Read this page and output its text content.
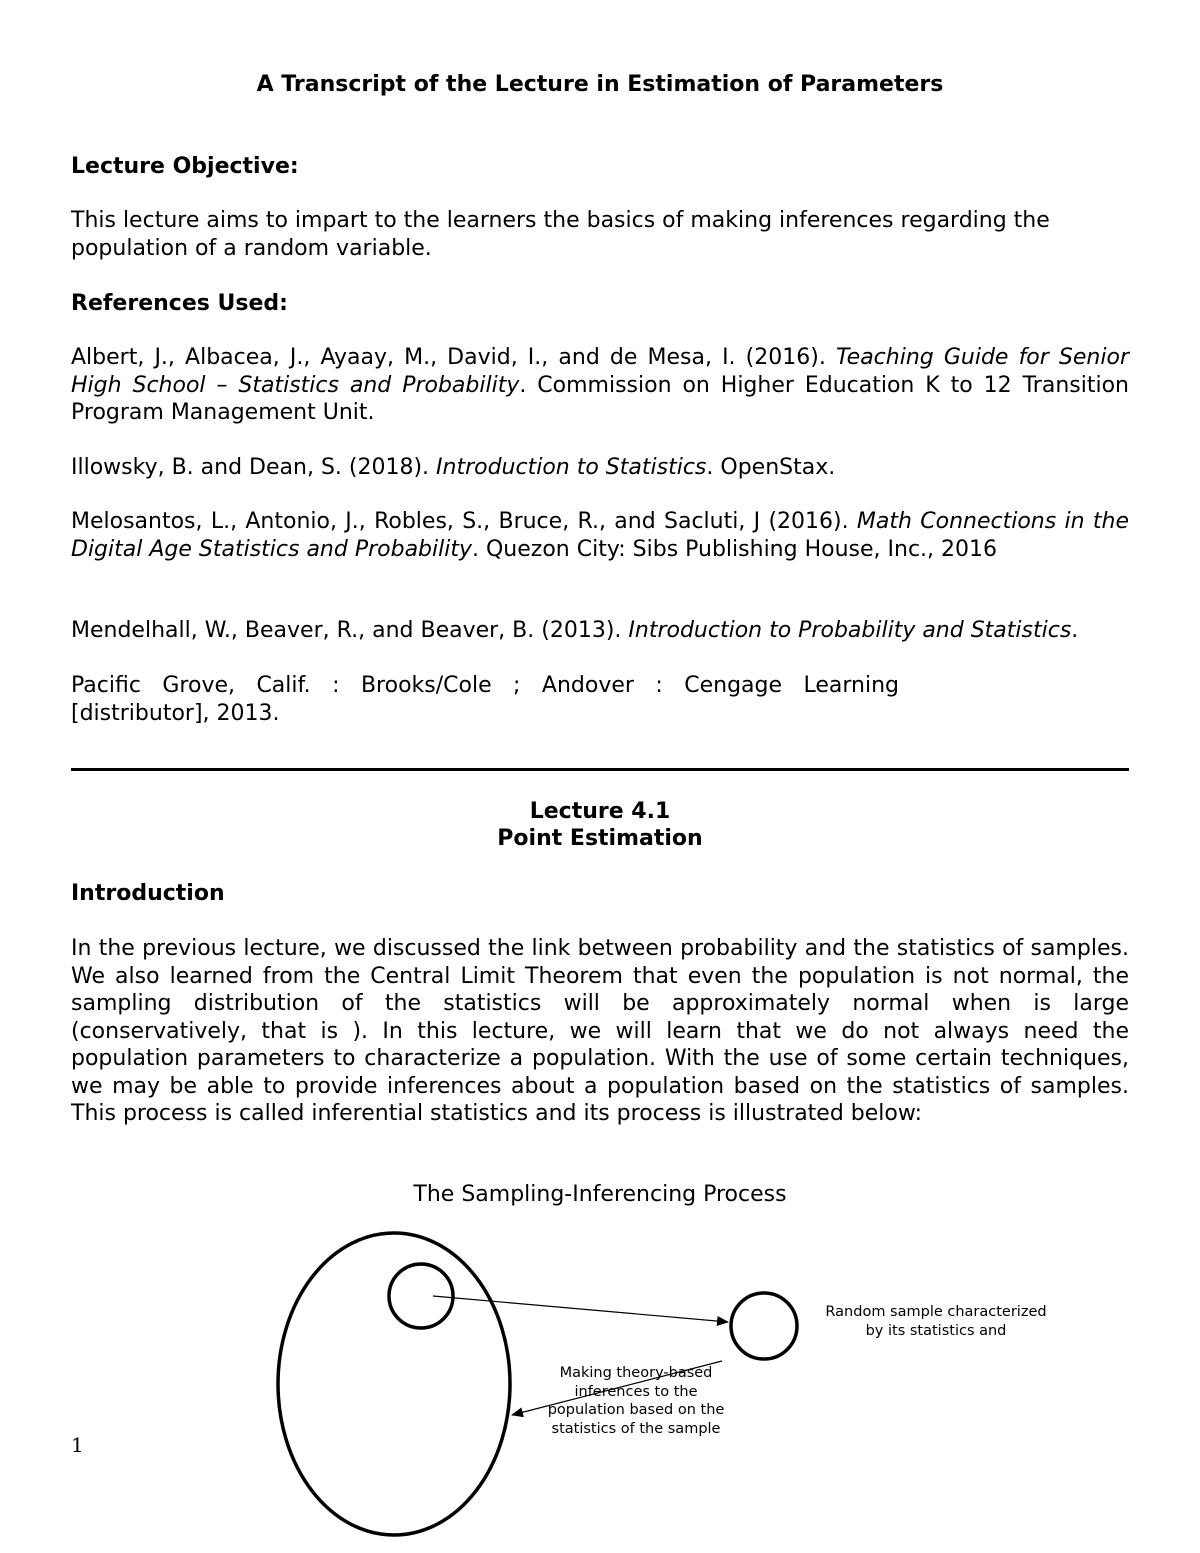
A Transcript of the Lecture in Estimation of Parameters

Lecture Objective:

This lecture aims to impart to the learners the basics of making inferences regarding the population of a random variable.

References Used:

Albert, J., Albacea, J., Ayaay, M., David, I., and de Mesa, I. (2016). Teaching Guide for Senior High School – Statistics and Probability. Commission on Higher Education K to 12 Transition Program Management Unit.

Illowsky, B. and Dean, S. (2018). Introduction to Statistics. OpenStax.

Melosantos, L., Antonio, J., Robles, S., Bruce, R., and Sacluti, J (2016). Math Connections in the Digital Age Statistics and Probability. Quezon City: Sibs Publishing House, Inc., 2016

Mendelhall, W., Beaver, R., and Beaver, B. (2013). Introduction to Probability and Statistics.

Pacific Grove, Calif. : Brooks/Cole ; Andover : Cengage Learning

[distributor], 2013.

Lecture 4.1

Point Estimation

Introduction

In the previous lecture, we discussed the link between probability and the statistics of samples. We also learned from the Central Limit Theorem that even the population is not normal, the sampling distribution of the statistics will be approximately normal when is large (conservatively, that is ). In this lecture, we will learn that we do not always need the population parameters to characterize a population. With the use of some certain techniques, we may be able to provide inferences about a population based on the statistics of samples. This process is called inferential statistics and its process is illustrated below:

The Sampling-Inferencing Process
Random sample characterized
by its statistics and
Making theory-based
inferences to the
population based on the
statistics of the sample
1
